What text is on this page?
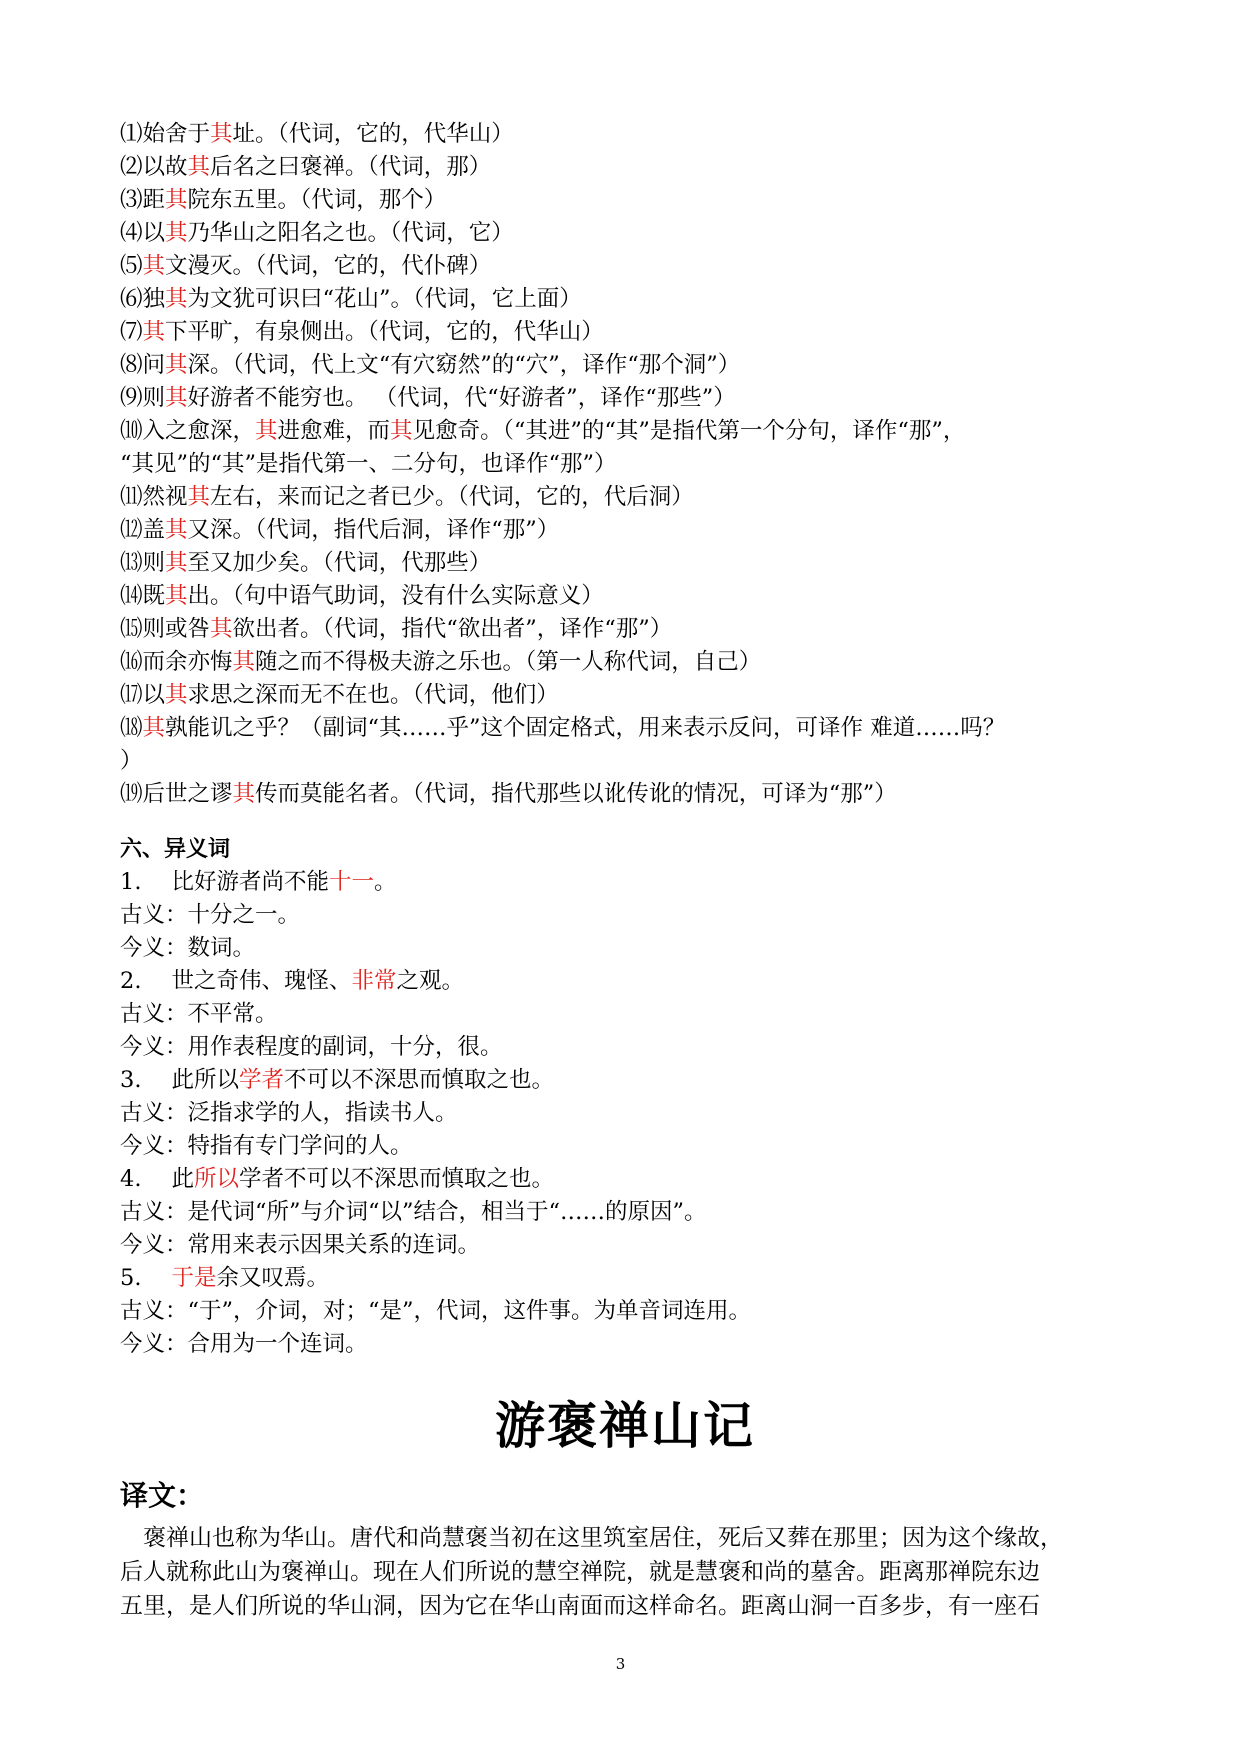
⑴始舍于其址。（代词，它的，代华山）
⑵以故其后名之曰褒禅。（代词，那）
⑶距其院东五里。（代词，那个）
⑷以其乃华山之阳名之也。（代词，它）
⑸其文漫灭。（代词，它的，代仆碑）
⑹独其为文犹可识曰“花山”。（代词，它上面）
⑺其下平旷，有泉侧出。（代词，它的，代华山）
⑻问其深。（代词，代上文“有穴窈然”的“穴”，译作“那个洞”）
⑼则其好游者不能穷也。 （代词，代“好游者”，译作“那些”）
⑽入之愈深，其进愈难，而其见愈奇。（“其进”的“其”是指代第一个分句，译作“那”，
“其见”的“其”是指代第一、二分句，也译作“那”）
⑾然视其左右，来而记之者已少。（代词，它的，代后洞）
⑿盖其又深。（代词，指代后洞，译作“那”）
⒀则其至又加少矣。（代词，代那些）
⒁既其出。（句中语气助词，没有什么实际意义）
⒂则或咎其欲出者。（代词，指代“欲出者”，译作“那”）
⒃而余亦悔其随之而不得极夫游之乐也。（第一人称代词，自己）
⒄以其求思之深而无不在也。（代词，他们）
⒅其孰能讥之乎？（副词“其……乎”这个固定格式，用来表示反问，可译作 难道……吗？
）
⒆后世之谬其传而莫能名者。（代词，指代那些以讹传讹的情况，可译为“那”）
六、异义词
1. 比好游者尚不能十一。
古义：十分之一。
今义：数词。
2. 世之奇伟、瑰怪、非常之观。
古义：不平常。
今义：用作表程度的副词，十分，很。
3. 此所以学者不可以不深思而慎取之也。
古义：泛指求学的人，指读书人。
今义：特指有专门学问的人。
4. 此所以学者不可以不深思而慎取之也。
古义：是代词“所”与介词“以”结合，相当于“……的原因”。
今义：常用来表示因果关系的连词。
5. 于是余又叹焉。
古义：“于”，介词，对；“是”，代词，这件事。为单音词连用。
今义：合用为一个连词。
游褒禅山记
译文：
褒禅山也称为华山。唐代和尚慧褒当初在这里筑室居住，死后又葬在那里；因为这个缘故，
后人就称此山为褒禅山。现在人们所说的慧空禅院，就是慧褒和尚的墓舍。距离那禅院东边
五里，是人们所说的华山洞，因为它在华山南面而这样命名。距离山洞一百多步，有一座石
3
